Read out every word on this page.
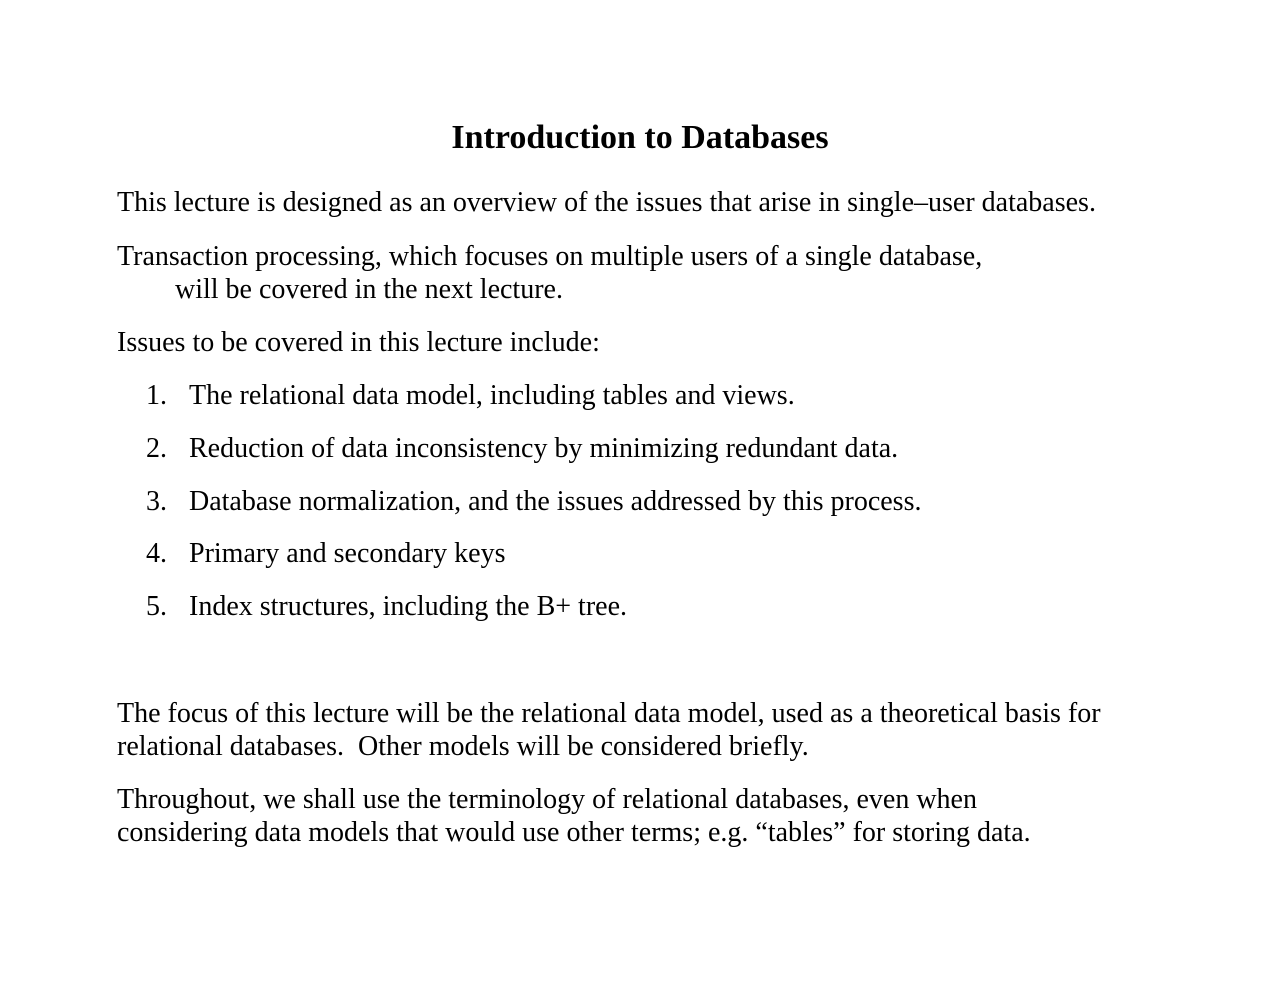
Introduction to Databases

This lecture is designed as an overview of the issues that arise in single–user databases.

Transaction processing, which focuses on multiple users of a single database,
will be covered in the next lecture.

Issues to be covered in this lecture include:

1. The relational data model, including tables and views.
2. Reduction of data inconsistency by minimizing redundant data.
3. Database normalization, and the issues addressed by this process.
4. Primary and secondary keys
5. Index structures, including the B+ tree.

The focus of this lecture will be the relational data model, used as a theoretical basis for
relational databases.  Other models will be considered briefly.

Throughout, we shall use the terminology of relational databases, even when
considering data models that would use other terms; e.g. “tables” for storing data.
